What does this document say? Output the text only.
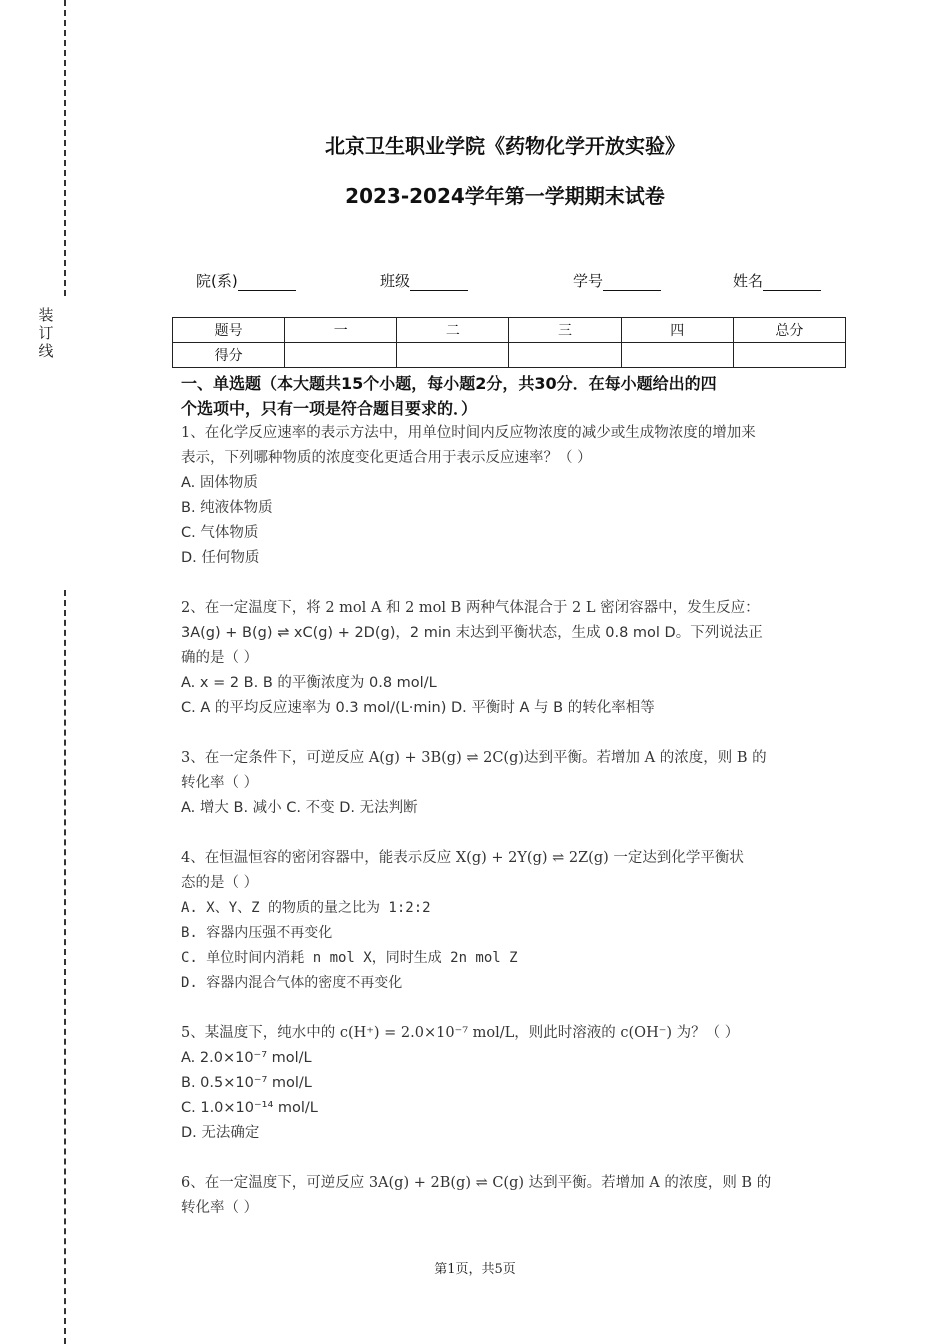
装
订
线
北京卫生职业学院《药物化学开放实验》
2023-2024学年第一学期期末试卷
院(系)	班级	学号	姓名
题号	一	二	三	四	总分
得分					
一、单选题（本大题共15个小题，每小题2分，共30分．在每小题给出的四
个选项中，只有一项是符合题目要求的．）

1、在化学反应速率的表示方法中，用单位时间内反应物浓度的减少或生成物浓度的增加来

表示，下列哪种物质的浓度变化更适合用于表示反应速率？（ ）

A. 固体物质

B. 纯液体物质

C. 气体物质

D. 任何物质

2、在一定温度下，将 2 mol A 和 2 mol B 两种气体混合于 2 L 密闭容器中，发生反应：

3A(g) + B(g) ⇌ xC(g) + 2D(g)，2 min 末达到平衡状态，生成 0.8 mol D。下列说法正

确的是（ ）

A. x = 2 B. B 的平衡浓度为 0.8 mol/L

C. A 的平均反应速率为 0.3 mol/(L·min) D. 平衡时 A 与 B 的转化率相等

3、在一定条件下，可逆反应 A(g) + 3B(g) ⇌ 2C(g)达到平衡。若增加 A 的浓度，则 B 的

转化率（ ）

A. 增大 B. 减小 C. 不变 D. 无法判断

4、在恒温恒容的密闭容器中，能表示反应 X(g) + 2Y(g) ⇌ 2Z(g) 一定达到化学平衡状

态的是（ ）

A. X、Y、Z 的物质的量之比为 1:2:2

B. 容器内压强不再变化

C. 单位时间内消耗 n mol X，同时生成 2n mol Z

D. 容器内混合气体的密度不再变化

5、某温度下，纯水中的 c(H⁺) = 2.0×10⁻⁷ mol/L，则此时溶液的 c(OH⁻) 为？（ ）

A. 2.0×10⁻⁷ mol/L

B. 0.5×10⁻⁷ mol/L

C. 1.0×10⁻¹⁴ mol/L

D. 无法确定

6、在一定温度下，可逆反应 3A(g) + 2B(g) ⇌ C(g) 达到平衡。若增加 A 的浓度，则 B 的

转化率（ ）

第1页，共5页
